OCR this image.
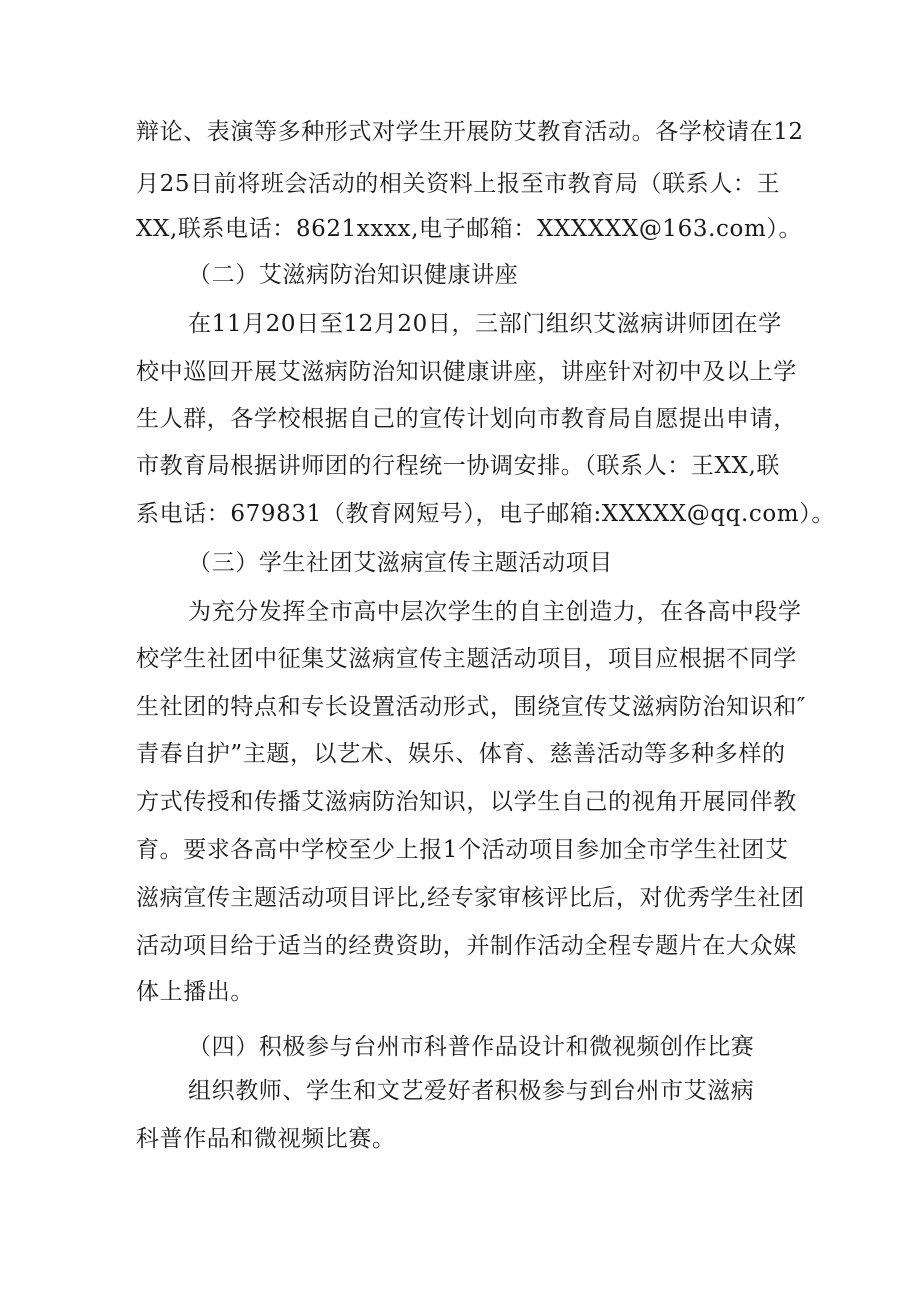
辩论、表演等多种形式对学生开展防艾教育活动。各学校请在12
月25日前将班会活动的相关资料上报至市教育局（联系人：王
XX,联系电话：8621xxxx,电子邮箱：XXXXXX@163.com）。
（二）艾滋病防治知识健康讲座
在11月20日至12月20日，三部门组织艾滋病讲师团在学
校中巡回开展艾滋病防治知识健康讲座，讲座针对初中及以上学
生人群，各学校根据自己的宣传计划向市教育局自愿提出申请，
市教育局根据讲师团的行程统一协调安排。（联系人：王XX,联
系电话：679831（教育网短号），电子邮箱:XXXXX@qq.com）。
（三）学生社团艾滋病宣传主题活动项目
为充分发挥全市高中层次学生的自主创造力，在各高中段学
校学生社团中征集艾滋病宣传主题活动项目，项目应根据不同学
生社团的特点和专长设置活动形式，围绕宣传艾滋病防治知识和″
青春自护”主题，以艺术、娱乐、体育、慈善活动等多种多样的
方式传授和传播艾滋病防治知识，以学生自己的视角开展同伴教
育。要求各高中学校至少上报1个活动项目参加全市学生社团艾
滋病宣传主题活动项目评比,经专家审核评比后，对优秀学生社团
活动项目给于适当的经费资助，并制作活动全程专题片在大众媒
体上播出。
（四）积极参与台州市科普作品设计和微视频创作比赛
组织教师、学生和文艺爱好者积极参与到台州市艾滋病
科普作品和微视频比赛。
